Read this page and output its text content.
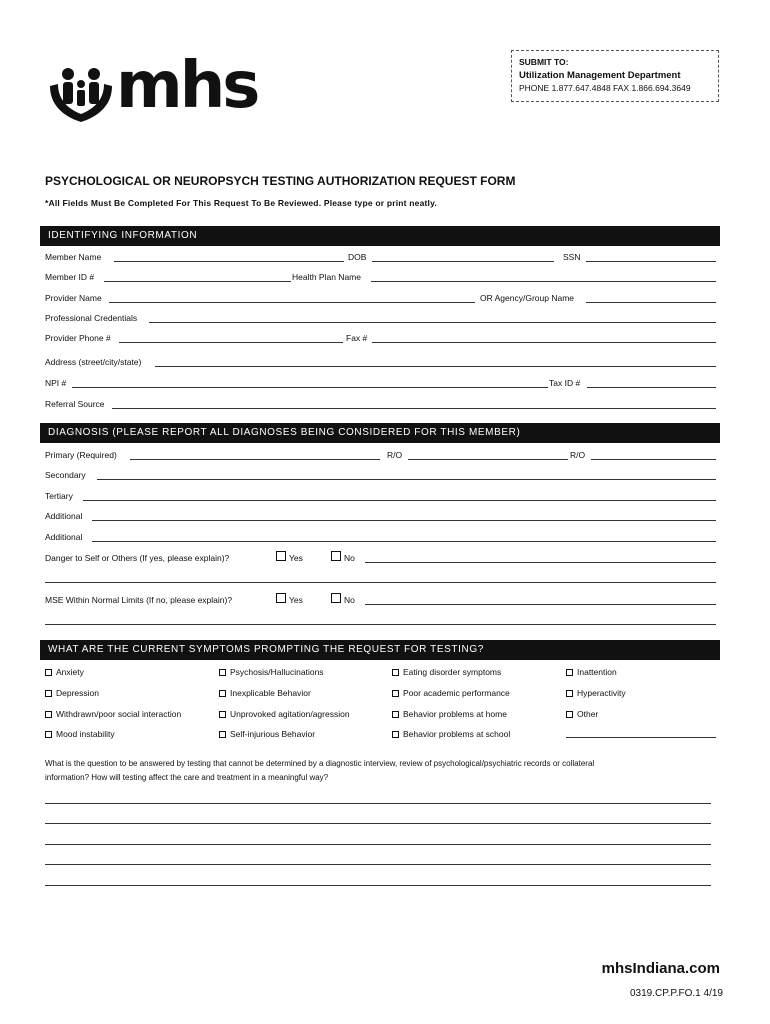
mhs	SUBMIT TO:
Utilization Management Department
PHONE 1.877.647.4848 FAX 1.866.694.3649
PSYCHOLOGICAL OR NEUROPSYCH TESTING AUTHORIZATION REQUEST FORM
*All Fields Must Be Completed For This Request To Be Reviewed. Please type or print neatly.
IDENTIFYING INFORMATION
Member Name	DOB	SSN
Member ID #	Health Plan Name
Provider Name	OR Agency/Group Name
Professional Credentials
Provider Phone #	Fax #
Address (street/city/state)
NPI #	Tax ID #
Referral Source
DIAGNOSIS (PLEASE REPORT ALL DIAGNOSES BEING CONSIDERED FOR THIS MEMBER)
Primary (Required)	R/O	R/O
Secondary
Tertiary
Additional
Additional
Danger to Self or Others (If yes, please explain)?	Yes	No
MSE Within Normal Limits (If no, please explain)?	Yes	No
WHAT ARE THE CURRENT SYMPTOMS PROMPTING THE REQUEST FOR TESTING?
What is the question to be answered by testing that cannot be determined by a diagnostic interview, review of psychological/psychiatric records or collateral
information? How will testing affect the care and treatment in a meaningful way?
mhsIndiana.com
0319.CP.P.FO.1 4/19
Anxiety	Psychosis/Hallucinations	Eating disorder symptoms	Inattention
Depression	Inexplicable Behavior	Poor academic performance	Hyperactivity
Withdrawn/poor social interaction	Unprovoked agitation/agression	Behavior problems at home	Other
Mood instability	Self-injurious Behavior	Behavior problems at school
